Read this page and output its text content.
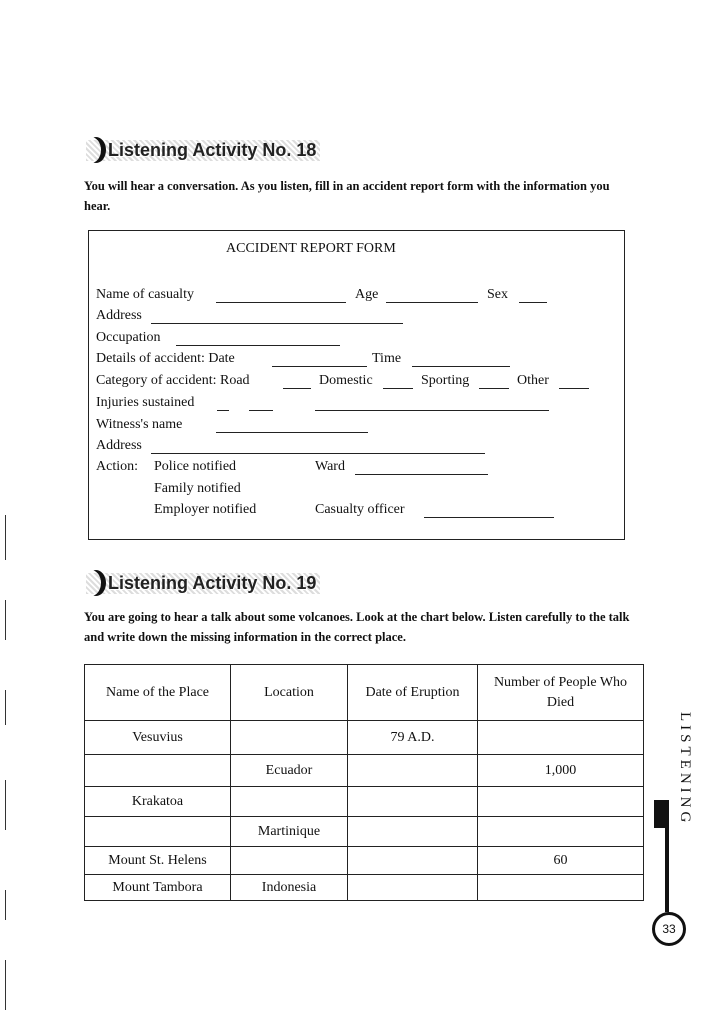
Listening Activity No. 18
You will hear a conversation. As you listen, fill in an accident report form with the information you hear.
ACCIDENT REPORT FORM
Name of casualty	Age	Sex
Address
Occupation
Details of accident: Date	Time
Category of accident: Road	Domestic	Sporting	Other
Injuries sustained
Witness's name
Address
Action: Police notified	Ward
Family notified
Employer notified	Casualty officer
Listening Activity No. 19
You are going to hear a talk about some volcanoes. Look at the chart below. Listen carefully to the talk and write down the missing information in the correct place.
Name of the Place	Location	Date of Eruption	Number of People Who Died
Vesuvius		79 A.D.	
	Ecuador		1,000
Krakatoa			
	Martinique		
Mount St. Helens			60
Mount Tambora	Indonesia		
LISTENING
33
